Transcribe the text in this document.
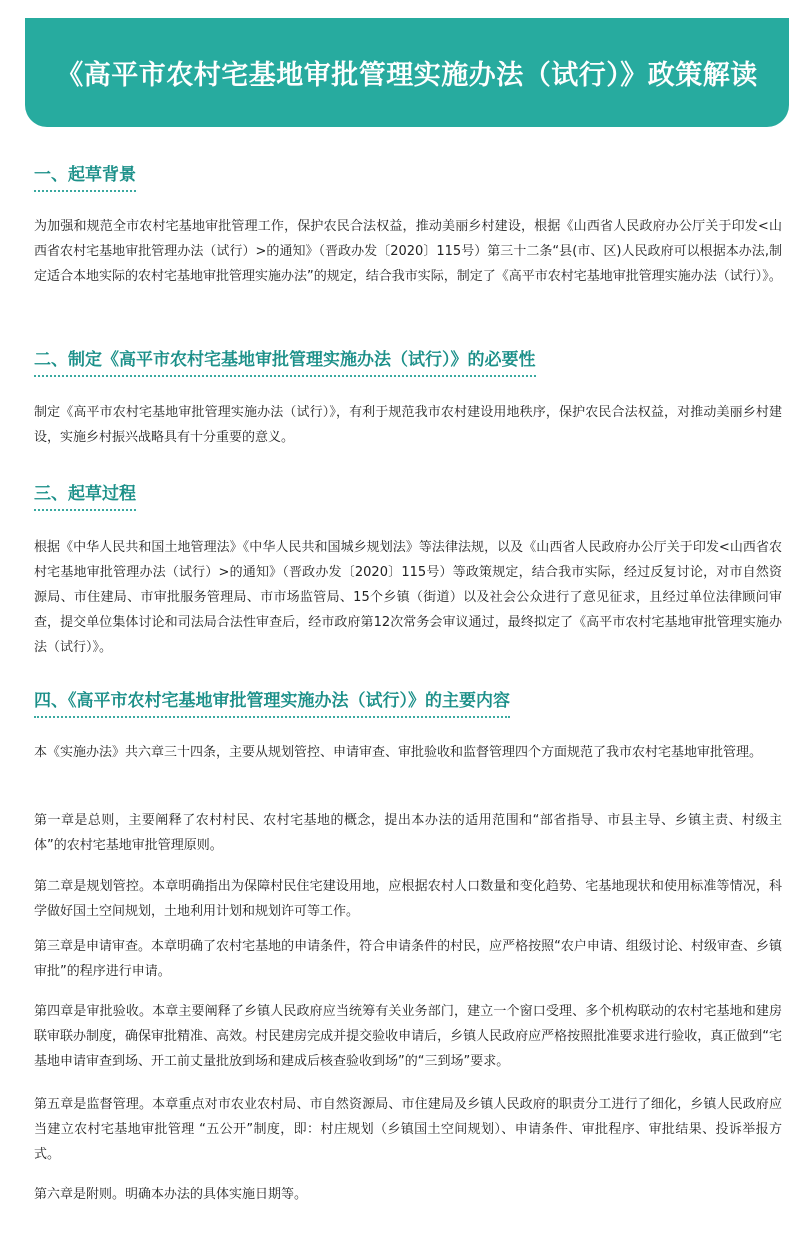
《高平市农村宅基地审批管理实施办法（试行）》政策解读
一、起草背景

为加强和规范全市农村宅基地审批管理工作，保护农民合法权益，推动美丽乡村建设，根据《山西省人民政府办公厅关于印发<山西省农村宅基地审批管理办法（试行）>的通知》（晋政办发〔2020〕115号）第三十二条“县(市、区)人民政府可以根据本办法,制定适合本地实际的农村宅基地审批管理实施办法”的规定，结合我市实际，制定了《高平市农村宅基地审批管理实施办法（试行）》。

二、制定《高平市农村宅基地审批管理实施办法（试行）》的必要性

制定《高平市农村宅基地审批管理实施办法（试行）》，有利于规范我市农村建设用地秩序，保护农民合法权益，对推动美丽乡村建设，实施乡村振兴战略具有十分重要的意义。

三、起草过程

根据《中华人民共和国土地管理法》《中华人民共和国城乡规划法》等法律法规，以及《山西省人民政府办公厅关于印发<山西省农村宅基地审批管理办法（试行）>的通知》（晋政办发〔2020〕115号）等政策规定，结合我市实际，经过反复讨论，对市自然资源局、市住建局、市审批服务管理局、市市场监管局、15个乡镇（街道）以及社会公众进行了意见征求，且经过单位法律顾问审查，提交单位集体讨论和司法局合法性审查后，经市政府第12次常务会审议通过，最终拟定了《高平市农村宅基地审批管理实施办法（试行）》。

四、《高平市农村宅基地审批管理实施办法（试行）》的主要内容

本《实施办法》共六章三十四条，主要从规划管控、申请审查、审批验收和监督管理四个方面规范了我市农村宅基地审批管理。

第一章是总则，主要阐释了农村村民、农村宅基地的概念，提出本办法的适用范围和“部省指导、市县主导、乡镇主责、村级主体”的农村宅基地审批管理原则。

第二章是规划管控。本章明确指出为保障村民住宅建设用地，应根据农村人口数量和变化趋势、宅基地现状和使用标准等情况，科学做好国土空间规划，土地利用计划和规划许可等工作。

第三章是申请审查。本章明确了农村宅基地的申请条件，符合申请条件的村民，应严格按照“农户申请、组级讨论、村级审查、乡镇审批”的程序进行申请。

第四章是审批验收。本章主要阐释了乡镇人民政府应当统筹有关业务部门，建立一个窗口受理、多个机构联动的农村宅基地和建房联审联办制度，确保审批精准、高效。村民建房完成并提交验收申请后，乡镇人民政府应严格按照批准要求进行验收，真正做到“宅基地申请审查到场、开工前丈量批放到场和建成后核查验收到场”的“三到场”要求。

第五章是监督管理。本章重点对市农业农村局、市自然资源局、市住建局及乡镇人民政府的职责分工进行了细化，乡镇人民政府应当建立农村宅基地审批管理 “五公开”制度，即：村庄规划（乡镇国土空间规划）、申请条件、审批程序、审批结果、投诉举报方式。

第六章是附则。明确本办法的具体实施日期等。
